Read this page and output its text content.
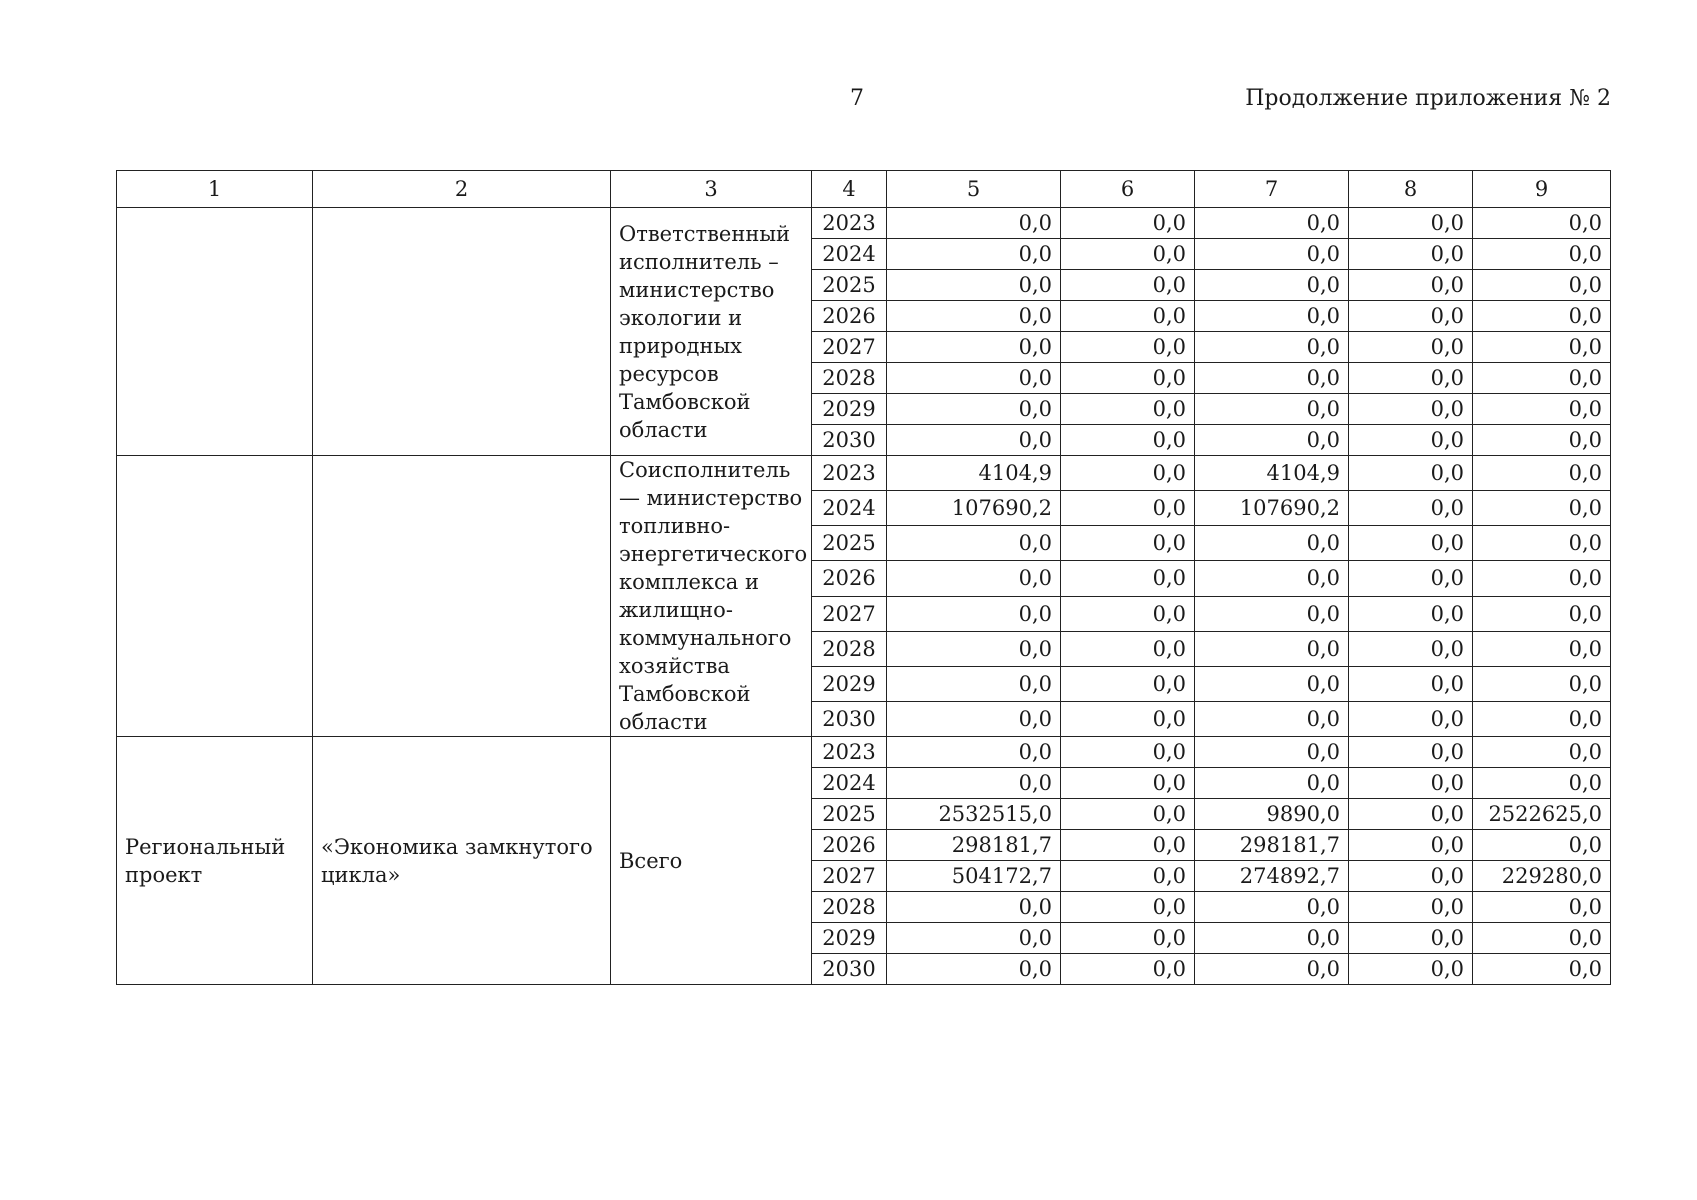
7	Продолжение приложения № 2
1	2	3	4	5	6	7	8	9
		Ответственный исполнитель – министерство экологии и природных ресурсов Тамбовской области	2023	0,0	0,0	0,0	0,0	0,0
			2024	0,0	0,0	0,0	0,0	0,0
			2025	0,0	0,0	0,0	0,0	0,0
			2026	0,0	0,0	0,0	0,0	0,0
			2027	0,0	0,0	0,0	0,0	0,0
			2028	0,0	0,0	0,0	0,0	0,0
			2029	0,0	0,0	0,0	0,0	0,0
			2030	0,0	0,0	0,0	0,0	0,0
		Соисполнитель — министерство топливно-энергетического комплекса и жилищно-коммунального хозяйства Тамбовской области	2023	4104,9	0,0	4104,9	0,0	0,0
			2024	107690,2	0,0	107690,2	0,0	0,0
			2025	0,0	0,0	0,0	0,0	0,0
			2026	0,0	0,0	0,0	0,0	0,0
			2027	0,0	0,0	0,0	0,0	0,0
			2028	0,0	0,0	0,0	0,0	0,0
			2029	0,0	0,0	0,0	0,0	0,0
			2030	0,0	0,0	0,0	0,0	0,0
Региональный проект	«Экономика замкнутого цикла»	Всего	2023	0,0	0,0	0,0	0,0	0,0
			2024	0,0	0,0	0,0	0,0	0,0
			2025	2532515,0	0,0	9890,0	0,0	2522625,0
			2026	298181,7	0,0	298181,7	0,0	0,0
			2027	504172,7	0,0	274892,7	0,0	229280,0
			2028	0,0	0,0	0,0	0,0	0,0
			2029	0,0	0,0	0,0	0,0	0,0
			2030	0,0	0,0	0,0	0,0	0,0
